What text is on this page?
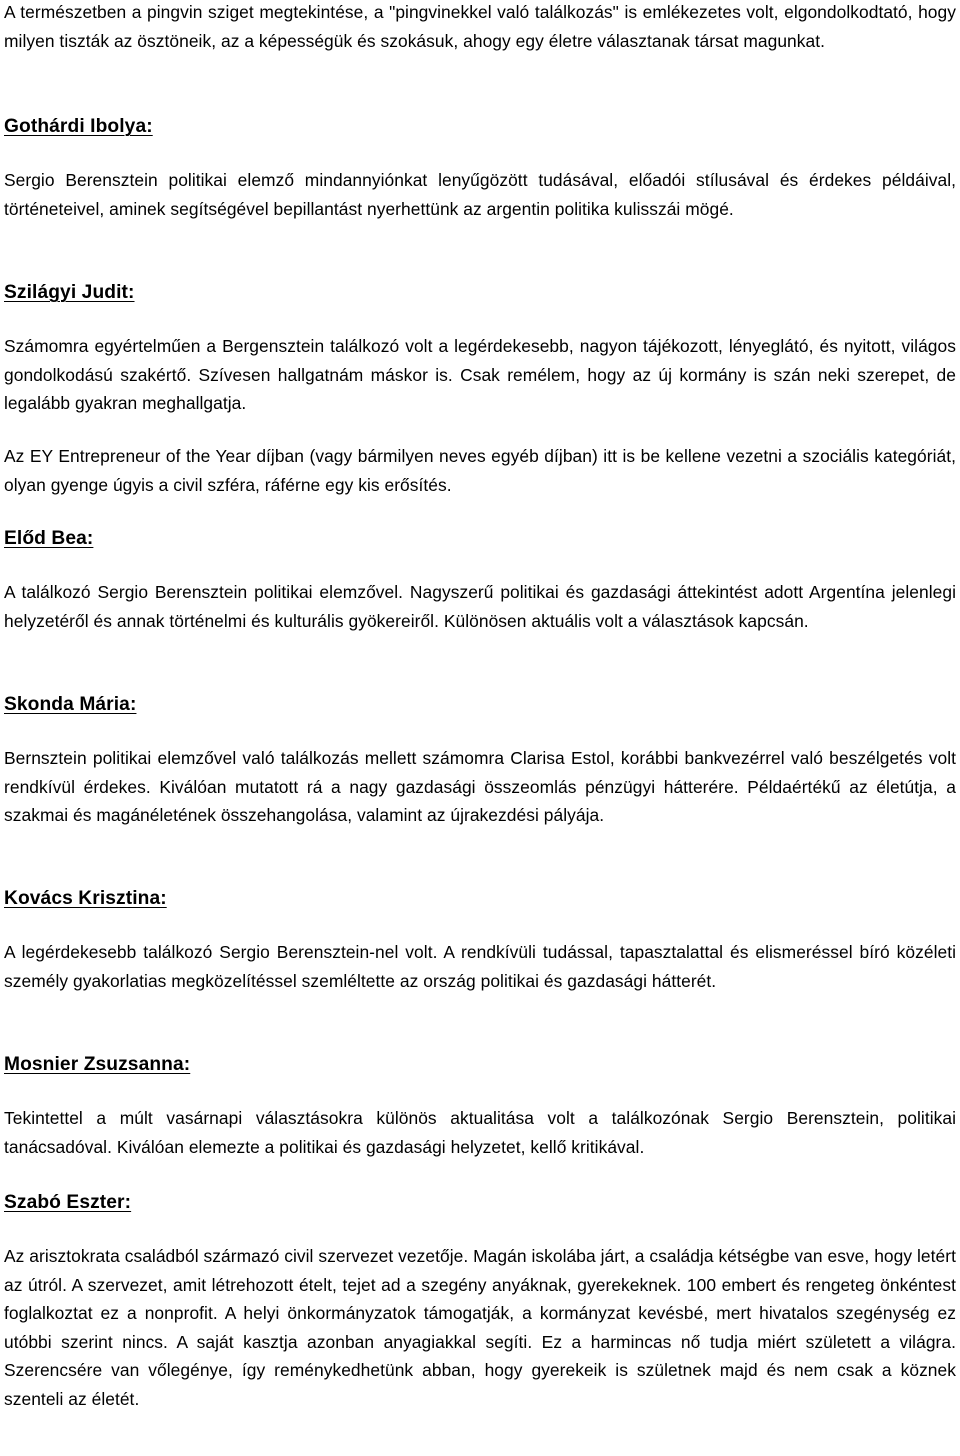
A természetben a pingvin sziget megtekintése, a "pingvinekkel való találkozás" is emlékezetes volt, elgondolkodtató, hogy milyen tiszták az ösztöneik, az a képességük és szokásuk, ahogy egy életre választanak társat magunkat.

Gothárdi Ibolya:

Sergio Berensztein politikai elemző mindannyiónkat lenyűgözött tudásával, előadói stílusával és érdekes példáival, történeteivel, aminek segítségével bepillantást nyerhettünk az argentin politika kulisszái mögé.

Szilágyi Judit:

Számomra egyértelműen a Bergensztein találkozó volt a legérdekesebb, nagyon tájékozott, lényeglátó, és nyitott, világos gondolkodású szakértő. Szívesen hallgatnám máskor is. Csak remélem, hogy az új kormány is szán neki szerepet, de legalább gyakran meghallgatja.

Az EY Entrepreneur of the Year díjban (vagy bármilyen neves egyéb díjban) itt is be kellene vezetni a szociális kategóriát, olyan gyenge úgyis a civil szféra, ráférne egy kis erősítés.

Előd Bea:

A találkozó Sergio Berensztein politikai elemzővel. Nagyszerű politikai és gazdasági áttekintést adott Argentína jelenlegi helyzetéről és annak történelmi és kulturális gyökereiről. Különösen aktuális volt a választások kapcsán.

Skonda Mária:

Bernsztein politikai elemzővel való találkozás mellett számomra Clarisa Estol, korábbi bankvezérrel való beszélgetés volt rendkívül érdekes. Kiválóan mutatott rá a nagy gazdasági összeomlás pénzügyi hátterére. Példaértékű az életútja, a szakmai és magánéletének összehangolása, valamint az újrakezdési pályája.

Kovács Krisztina:

A legérdekesebb találkozó Sergio Berensztein-nel volt. A rendkívüli tudással, tapasztalattal és elismeréssel bíró közéleti személy gyakorlatias megközelítéssel szemléltette az ország politikai és gazdasági hátterét.

Mosnier Zsuzsanna:

Tekintettel a múlt vasárnapi választásokra különös aktualitása volt a találkozónak Sergio Berensztein, politikai tanácsadóval. Kiválóan elemezte a politikai és gazdasági helyzetet, kellő kritikával.

Szabó Eszter:

Az arisztokrata családból származó civil szervezet vezetője. Magán iskolába járt, a családja kétségbe van esve, hogy letért az útról. A szervezet, amit létrehozott ételt, tejet ad a szegény anyáknak, gyerekeknek. 100 embert és rengeteg önkéntest foglalkoztat ez a nonprofit. A helyi önkormányzatok támogatják, a kormányzat kevésbé, mert hivatalos szegénység ez utóbbi szerint nincs. A saját kasztja azonban anyagiakkal segíti. Ez a harmincas nő tudja miért született a világra. Szerencsére van vőlegénye, így reménykedhetünk abban, hogy gyerekeik is születnek majd és nem csak a köznek szenteli az életét.
